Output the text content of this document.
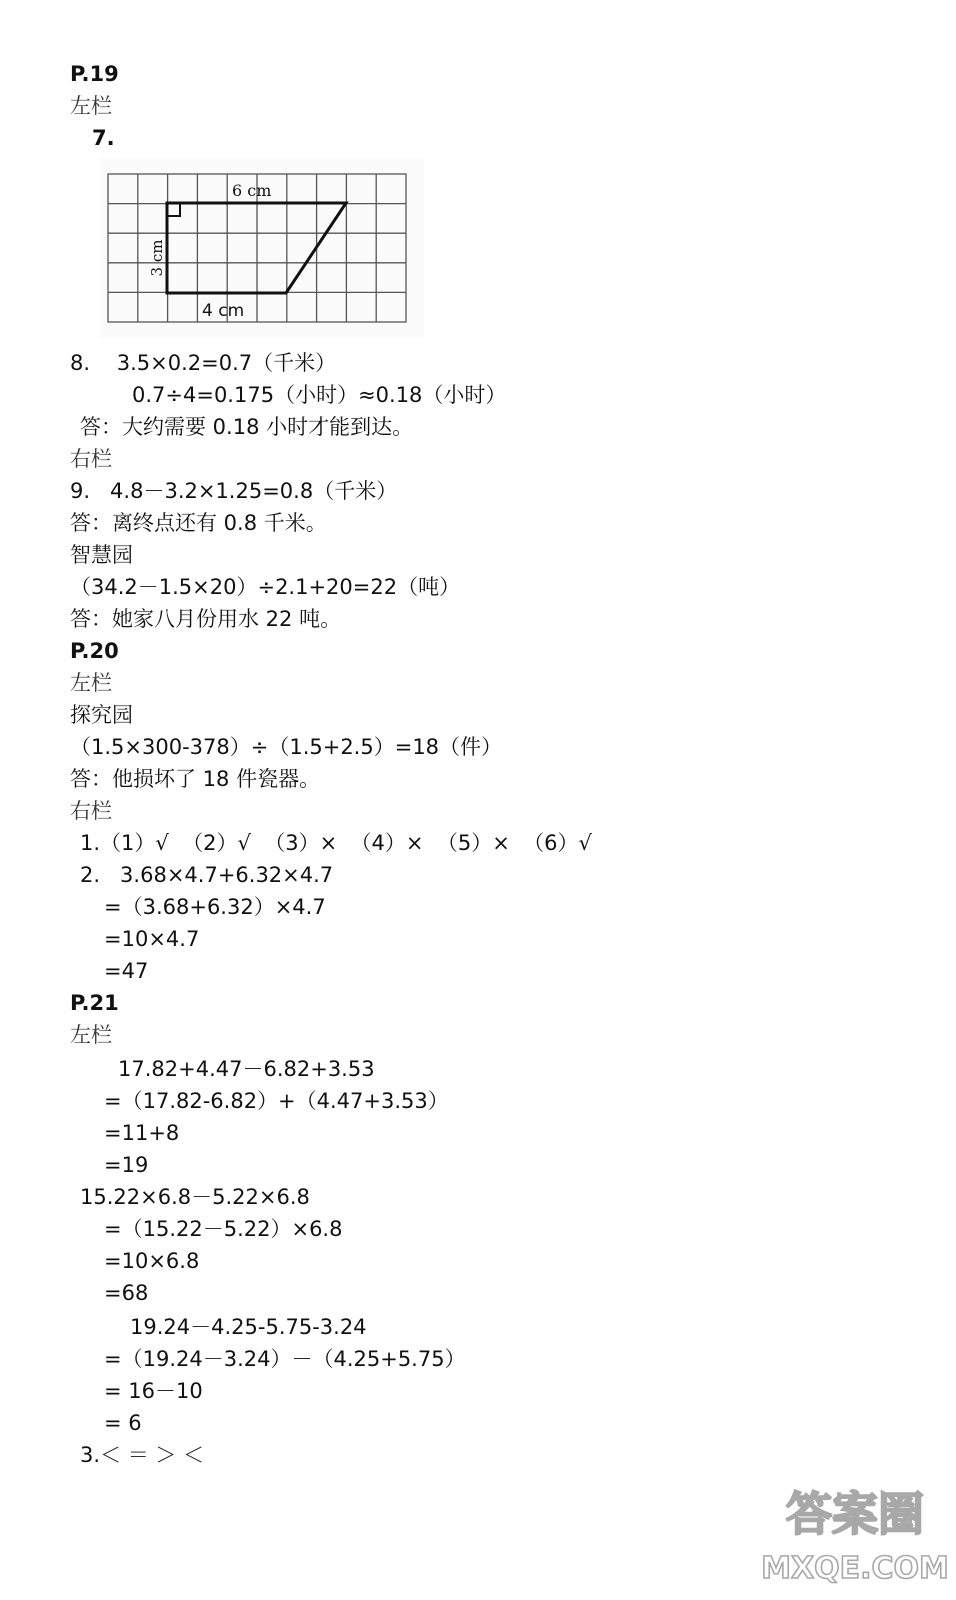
P.19
左栏
7.
6 cm
3 cm
4 cm
8.    3.5×0.2=0.7（千米）
0.7÷4=0.175（小时）≈0.18（小时）
答：大约需要 0.18 小时才能到达。
右栏
9.   4.8－3.2×1.25=0.8（千米）
答：离终点还有 0.8 千米。
智慧园
（34.2－1.5×20）÷2.1+20=22（吨）
答：她家八月份用水 22 吨。
P.20
左栏
探究园
（1.5×300-378）÷（1.5+2.5）=18（件）
答：他损坏了 18 件瓷器。
右栏
1.（1）√  （2）√  （3）×  （4）×  （5）×  （6）√
2.   3.68×4.7+6.32×4.7
=（3.68+6.32）×4.7
=10×4.7
=47
P.21
左栏
17.82+4.47－6.82+3.53
=（17.82-6.82）+（4.47+3.53）
=11+8
=19
15.22×6.8－5.22×6.8
=（15.22－5.22）×6.8
=10×6.8
=68
19.24－4.25-5.75-3.24
=（19.24－3.24）－（4.25+5.75）
= 16－10
= 6
3.＜ ＝ ＞ ＜
答案圈
MXQE.COM
